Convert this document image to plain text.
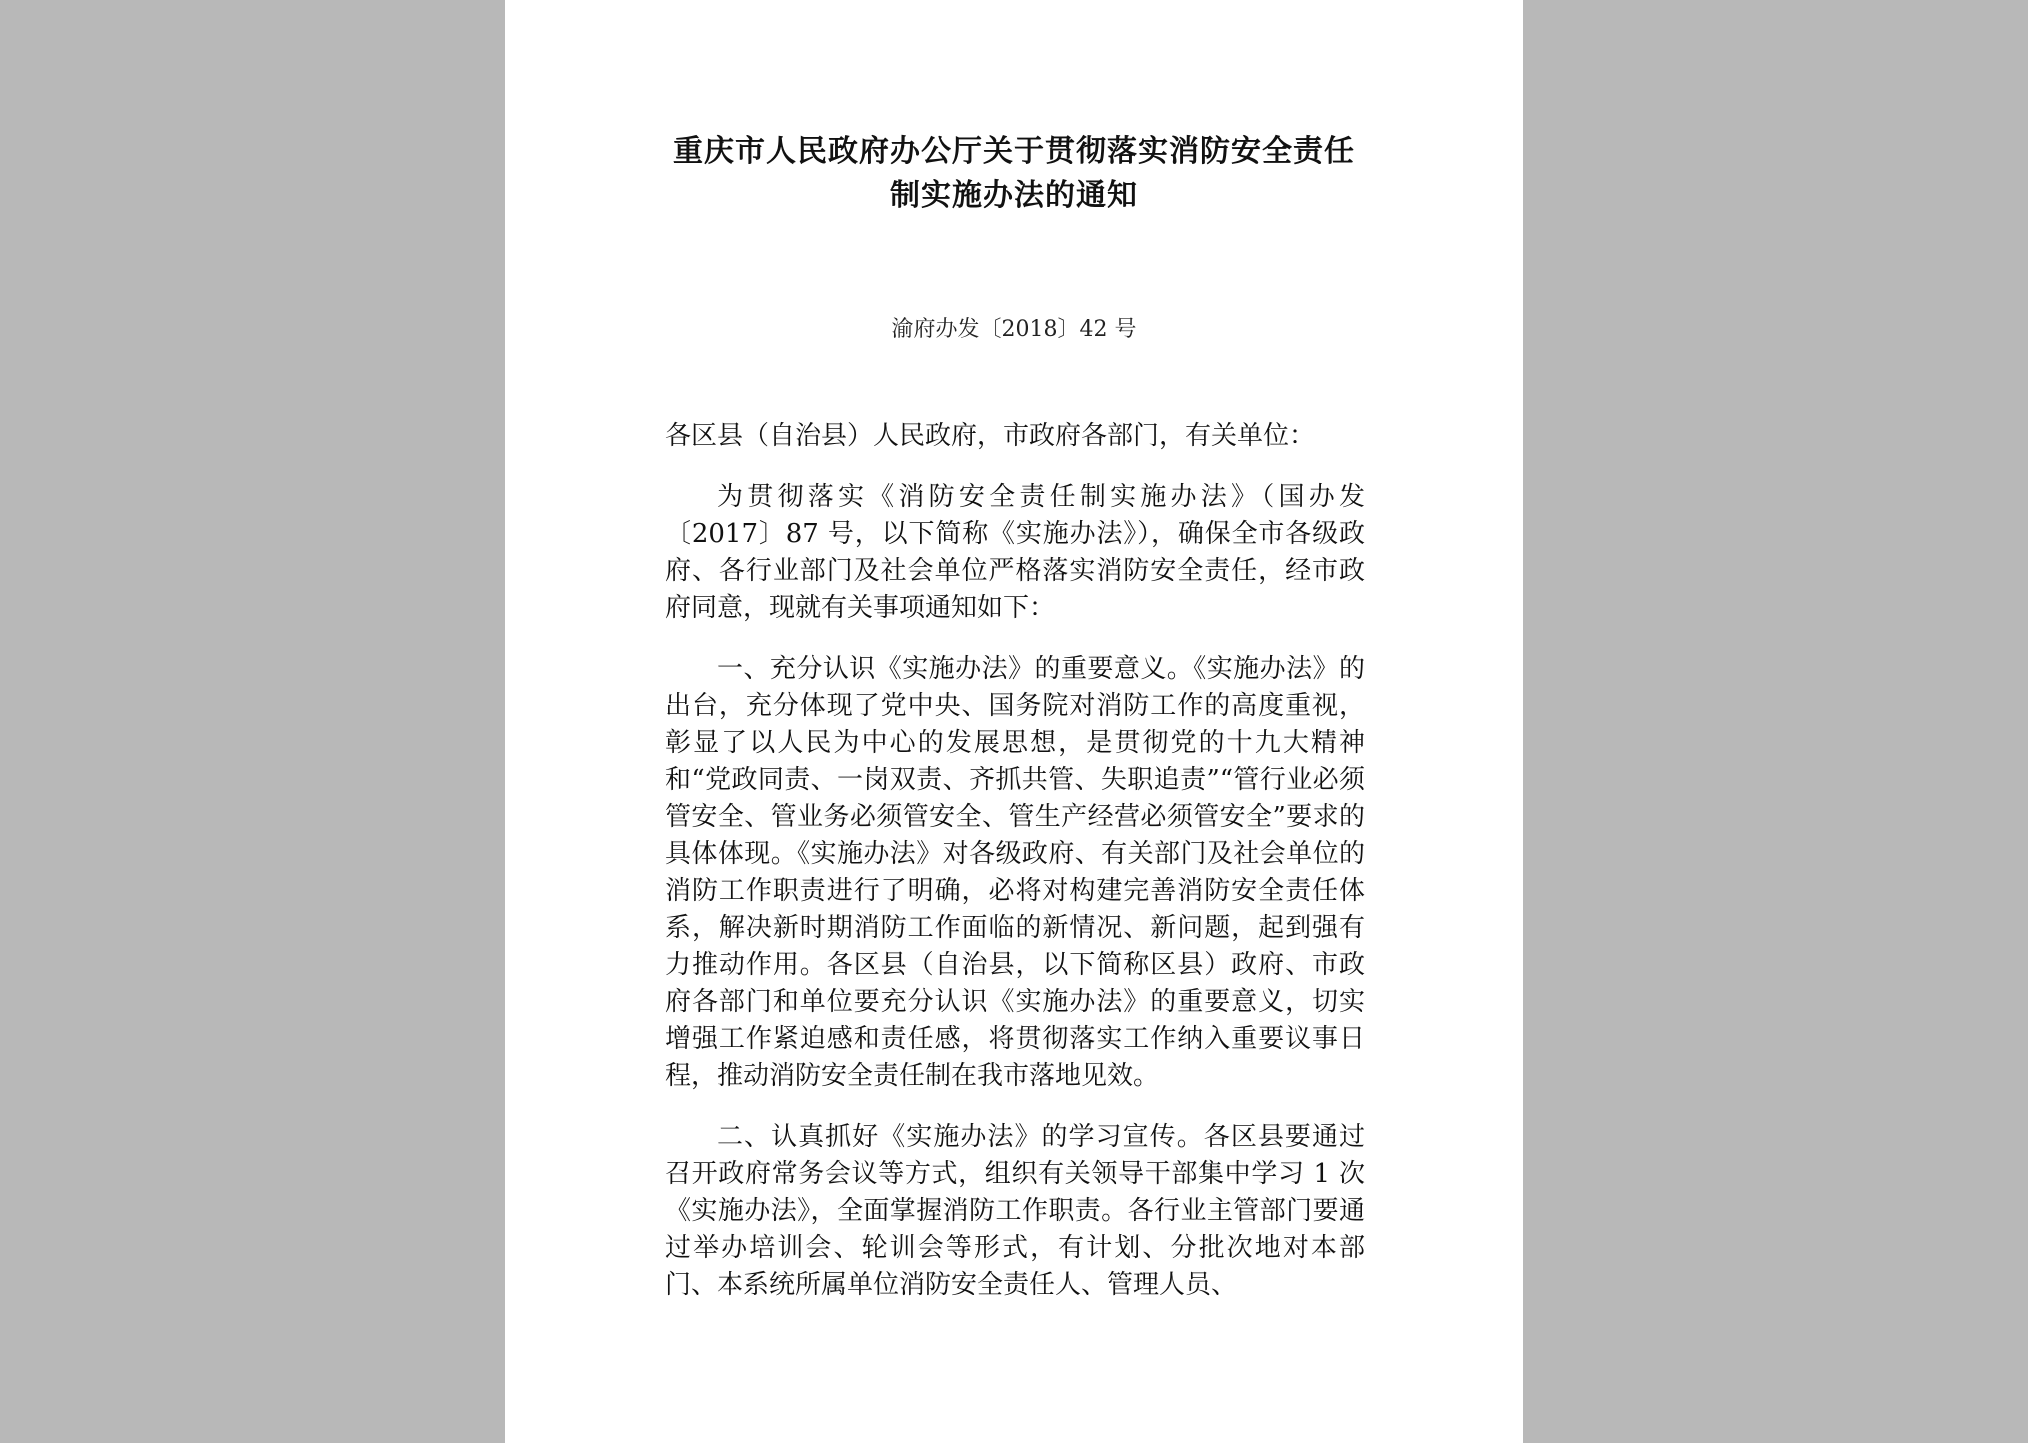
重庆市人民政府办公厅关于贯彻落实消防安全责任
制实施办法的通知
渝府办发〔2018〕42 号

各区县（自治县）人民政府，市政府各部门，有关单位：

为贯彻落实《消防安全责任制实施办法》（国办发〔2017〕87 号，以下简称《实施办法》），确保全市各级政府、各行业部门及社会单位严格落实消防安全责任，经市政府同意，现就有关事项通知如下：

一、充分认识《实施办法》的重要意义。《实施办法》的出台，充分体现了党中央、国务院对消防工作的高度重视，彰显了以人民为中心的发展思想，是贯彻党的十九大精神和“党政同责、一岗双责、齐抓共管、失职追责”“管行业必须管安全、管业务必须管安全、管生产经营必须管安全”要求的具体体现。《实施办法》对各级政府、有关部门及社会单位的消防工作职责进行了明确，必将对构建完善消防安全责任体系，解决新时期消防工作面临的新情况、新问题，起到强有力推动作用。各区县（自治县，以下简称区县）政府、市政府各部门和单位要充分认识《实施办法》的重要意义，切实增强工作紧迫感和责任感，将贯彻落实工作纳入重要议事日程，推动消防安全责任制在我市落地见效。

二、认真抓好《实施办法》的学习宣传。各区县要通过召开政府常务会议等方式，组织有关领导干部集中学习 1 次《实施办法》，全面掌握消防工作职责。各行业主管部门要通过举办培训会、轮训会等形式，有计划、分批次地对本部门、本系统所属单位消防安全责任人、管理人员、
